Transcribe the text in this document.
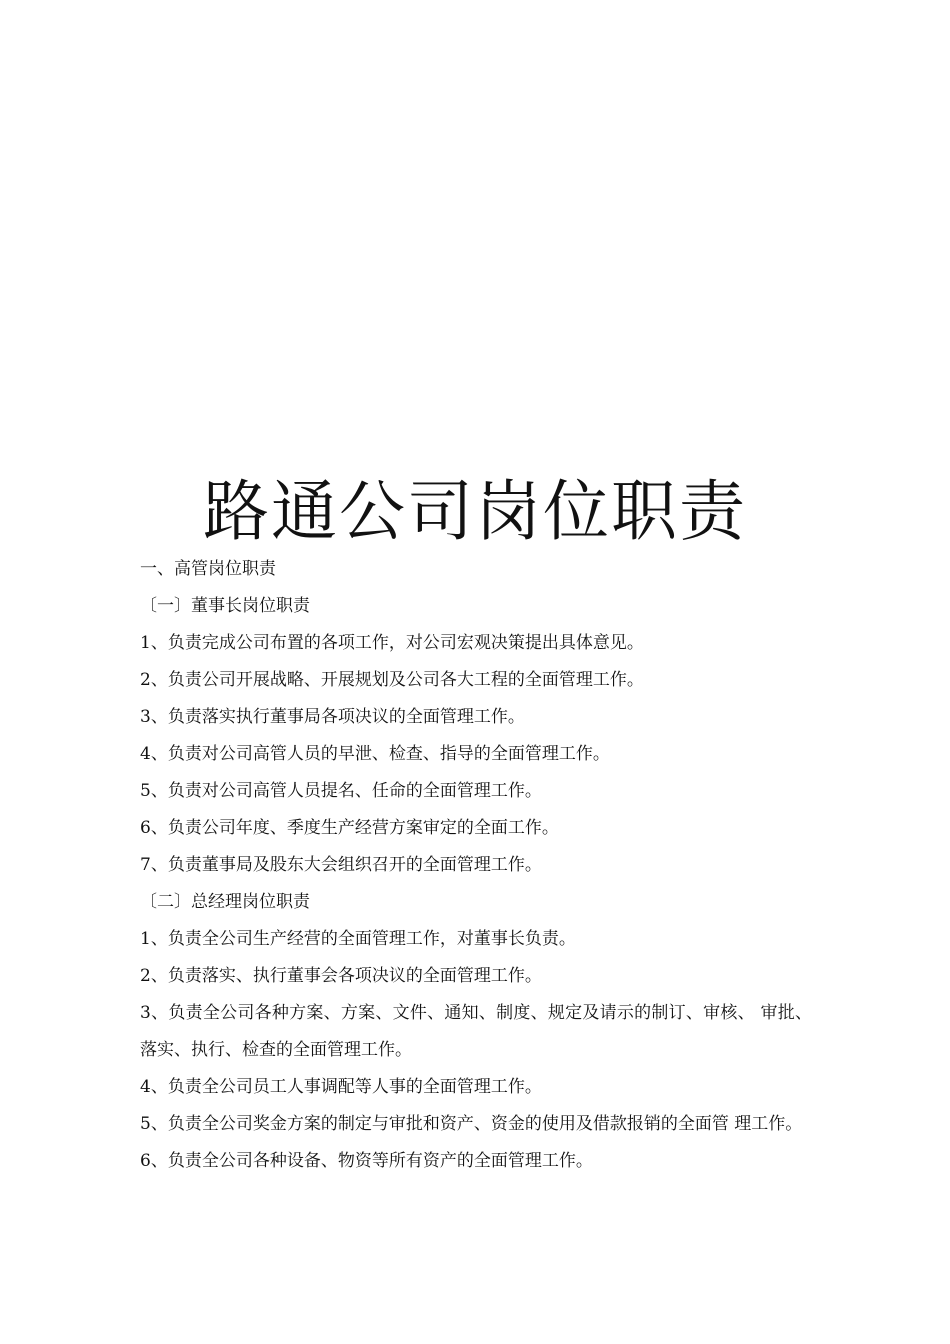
路通公司岗位职责

一、高管岗位职责

〔一〕董事长岗位职责

1、负责完成公司布置的各项工作，对公司宏观决策提出具体意见。

2、负责公司开展战略、开展规划及公司各大工程的全面管理工作。

3、负责落实执行董事局各项决议的全面管理工作。

4、负责对公司高管人员的早泄、检查、指导的全面管理工作。

5、负责对公司高管人员提名、任命的全面管理工作。

6、负责公司年度、季度生产经营方案审定的全面工作。

7、负责董事局及股东大会组织召开的全面管理工作。

〔二〕总经理岗位职责

1、负责全公司生产经营的全面管理工作，对董事长负责。

2、负责落实、执行董事会各项决议的全面管理工作。

3、负责全公司各种方案、方案、文件、通知、制度、规定及请示的制订、审核、 审批、落实、执行、检查的全面管理工作。

4、负责全公司员工人事调配等人事的全面管理工作。

5、负责全公司奖金方案的制定与审批和资产、资金的使用及借款报销的全面管 理工作。

6、负责全公司各种设备、物资等所有资产的全面管理工作。
